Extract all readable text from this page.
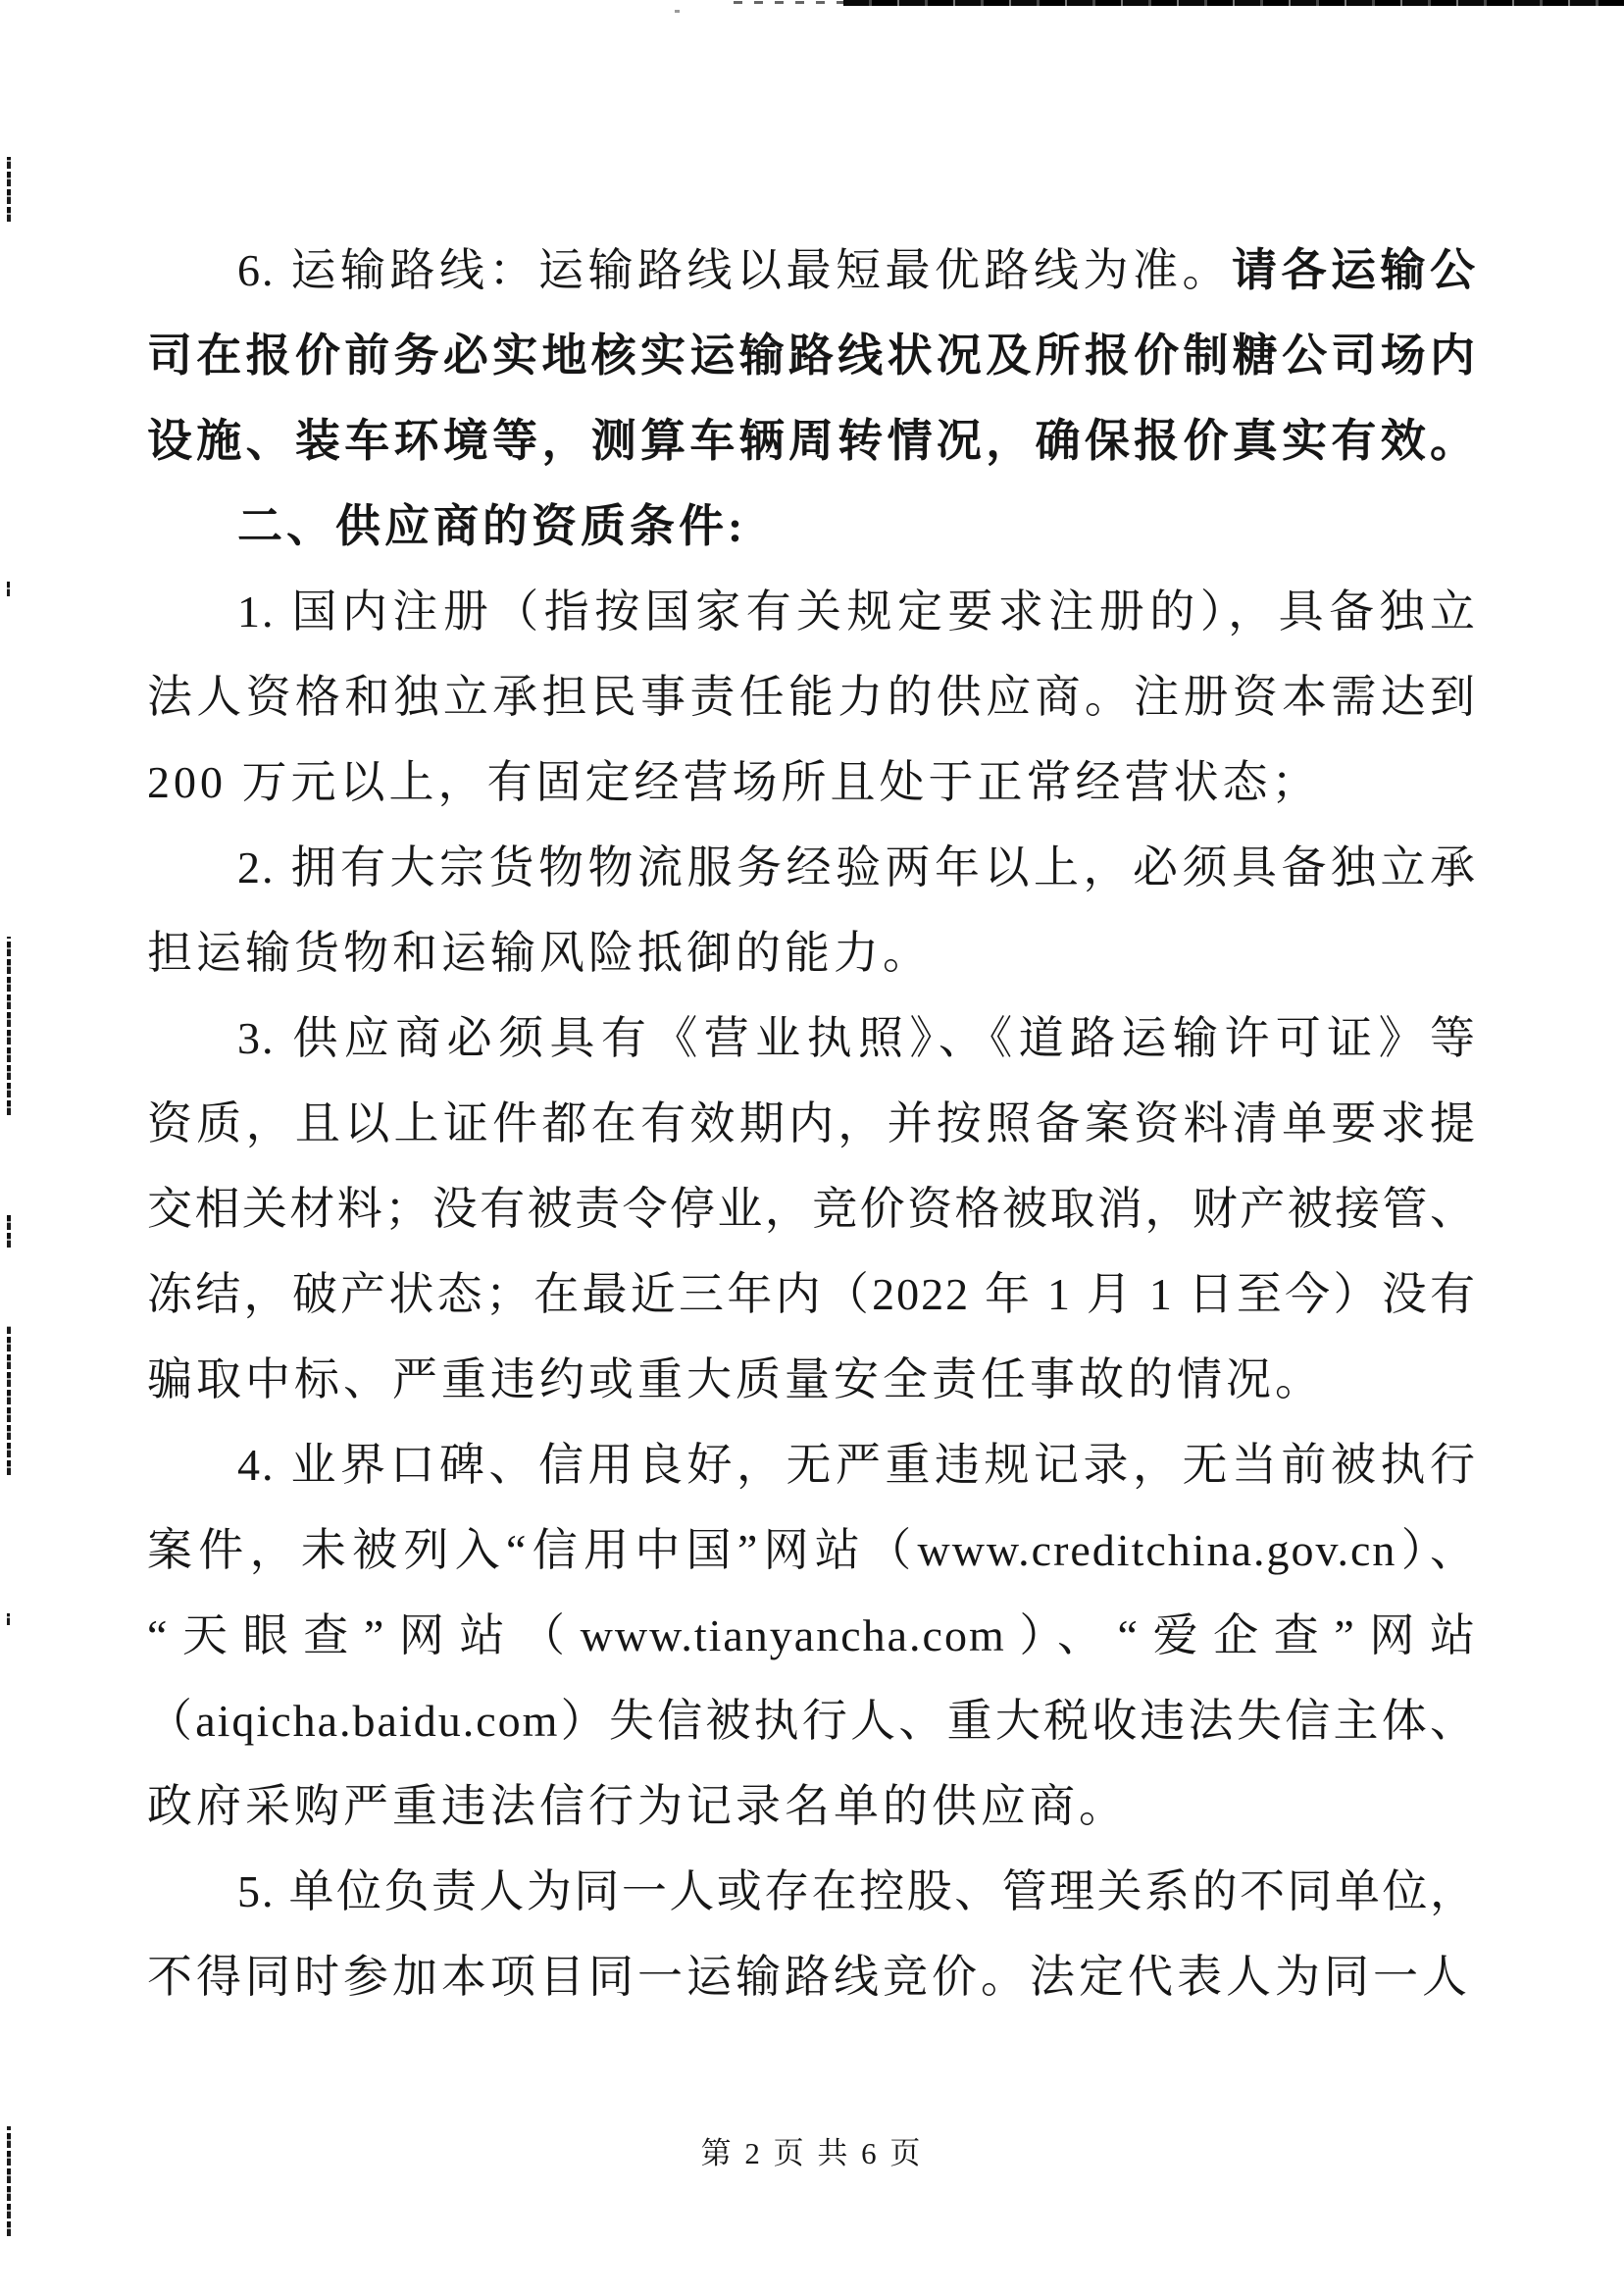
6. 运输路线：运输路线以最短最优路线为准。请各运输公
司在报价前务必实地核实运输路线状况及所报价制糖公司场内
设施、装车环境等，测算车辆周转情况，确保报价真实有效。
二、供应商的资质条件:
1. 国内注册（指按国家有关规定要求注册的），具备独立
法人资格和独立承担民事责任能力的供应商。注册资本需达到
200 万元以上，有固定经营场所且处于正常经营状态；
2. 拥有大宗货物物流服务经验两年以上，必须具备独立承
担运输货物和运输风险抵御的能力。
3. 供应商必须具有《营业执照》、《道路运输许可证》等
资质，且以上证件都在有效期内，并按照备案资料清单要求提
交相关材料；没有被责令停业，竞价资格被取消，财产被接管、
冻结，破产状态；在最近三年内（2022 年 1 月 1 日至今）没有
骗取中标、严重违约或重大质量安全责任事故的情况。
4. 业界口碑、信用良好，无严重违规记录，无当前被执行
案件，未被列入“信用中国”网站（www.creditchina.gov.cn）、
“天眼查”网站（www.tianyancha.com）、“爱企查”网站
（aiqicha.baidu.com）失信被执行人、重大税收违法失信主体、
政府采购严重违法信行为记录名单的供应商。
5. 单位负责人为同一人或存在控股、管理关系的不同单位，
不得同时参加本项目同一运输路线竞价。法定代表人为同一人
第 2 页 共 6 页
